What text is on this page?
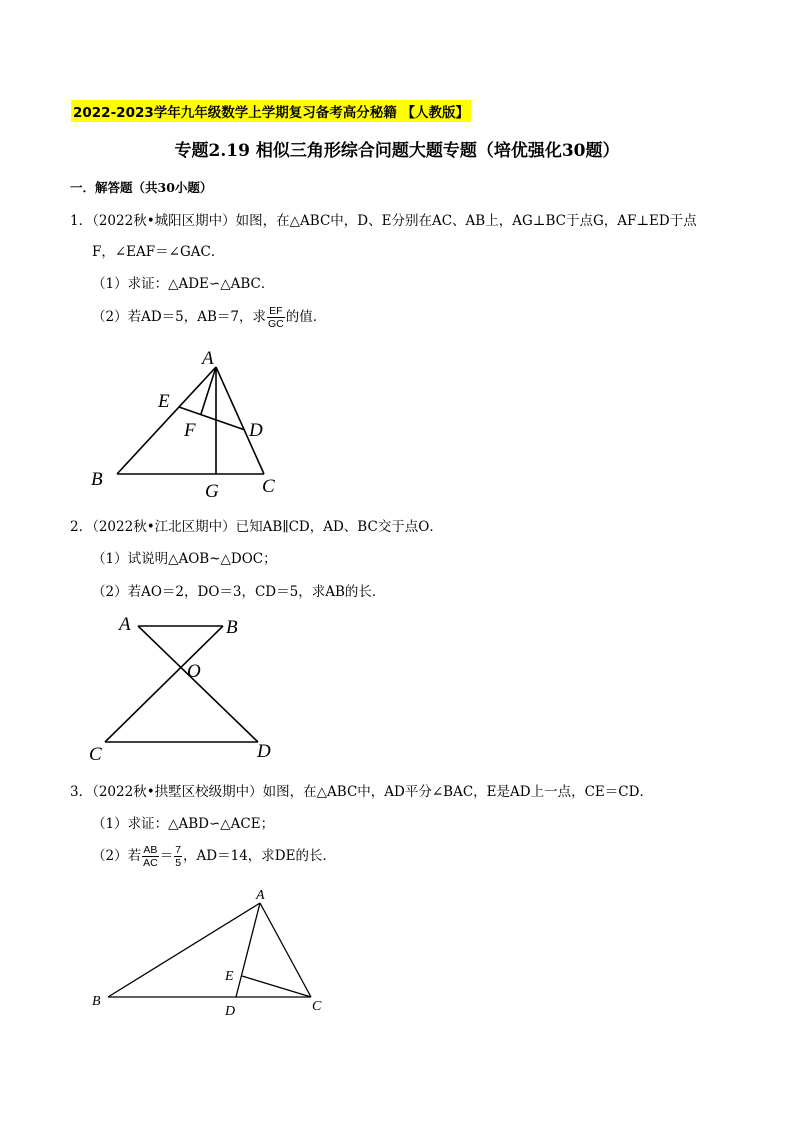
2022-2023学年九年级数学上学期复习备考高分秘籍 【人教版】
专题2.19 相似三角形综合问题大题专题（培优强化30题）
一．解答题（共30小题）
1．（2022秋•城阳区期中）如图，在△ABC中，D、E分别在AC、AB上，AG⊥BC于点G，AF⊥ED于点
F，∠EAF＝∠GAC．
（1）求证：△ADE∽△ABC．
（2）若AD＝5，AB＝7，求 $\frac{EF}{GC}$ 的值．
A
E
F	D
B
G C
A	B
O
C	D
A
E
B
D	C
2．（2022秋•江北区期中）已知AB∥CD，AD、BC交于点O．
（1）试说明△AOB~△DOC；
（2）若AO＝2，DO＝3，CD＝5，求AB的长．
3．（2022秋•拱墅区校级期中）如图，在△ABC中，AD平分∠BAC，E是AD上一点，CE＝CD．
（1）求证：△ABD∽△ACE；
（2）若 $\frac{AB}{AC} = \frac{7}{5}$ ，AD＝14，求DE的长．
